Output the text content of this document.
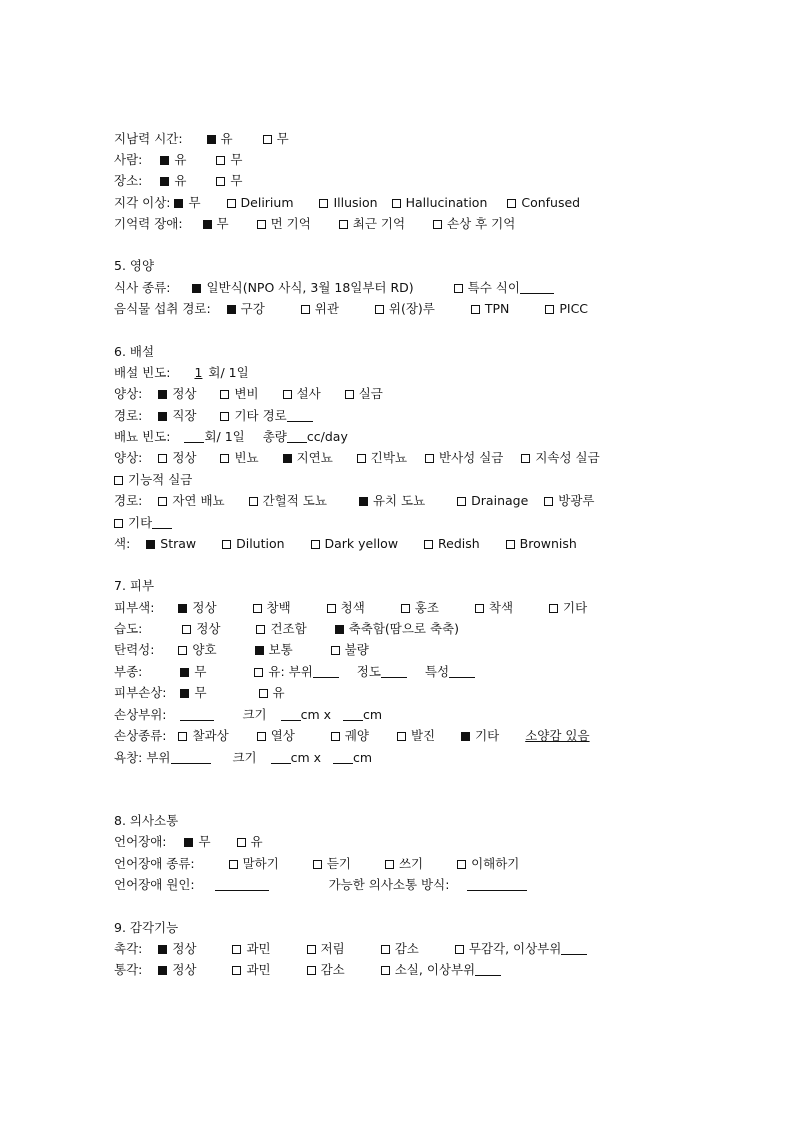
지남력 시간:	유	무
사람:	유	무
장소:	유	무
지각 이상: 무	Delirium	Illusion Hallucination	Confused
기억력 장애:	무	먼 기억	최근 기억	손상 후 기억
5. 영양
식사 종류:	일반식(NPO 사식, 3월 18일부터 RD)	특수 식이
음식물 섭취 경로: 구강	위관	위(장)루	TPN	PICC
6. 배설
배설 빈도: 1 회/ 1일
양상: 정상	변비	설사	실금
경로: 직장	기타 경로
배뇨 빈도:	회/ 1일 총량 cc/day
양상: 정상	빈뇨	지연뇨	긴박뇨	반사성 실금	지속성 실금
기능적 실금
경로: 자연 배뇨	간헐적 도뇨	유치 도뇨	Drainage 방광루
기타
색: Straw	Dilution	Dark yellow	Redish	Brownish
7. 피부
피부색:	정상	창백	청색	홍조	착색	기타
습도:	정상	건조함	축축함(땀으로 축축)
탄력성:	양호	보통	불량
부종:	무	유: 부위	정도	특성
피부손상: 무	유
손상부위:	크기	cm x	cm
손상종류: 찰과상	열상	궤양	발진	기타 소양감 있음
욕창: 부위	크기	cm x	cm
8. 의사소통
언어장애:	무	유
언어장애 종류:	말하기	듣기	쓰기	이해하기
언어장애 원인:	가능한 의사소통 방식:
9. 감각기능
촉각: 정상	과민	저림	감소	무감각, 이상부위
통각: 정상	과민	감소	소실, 이상부위
